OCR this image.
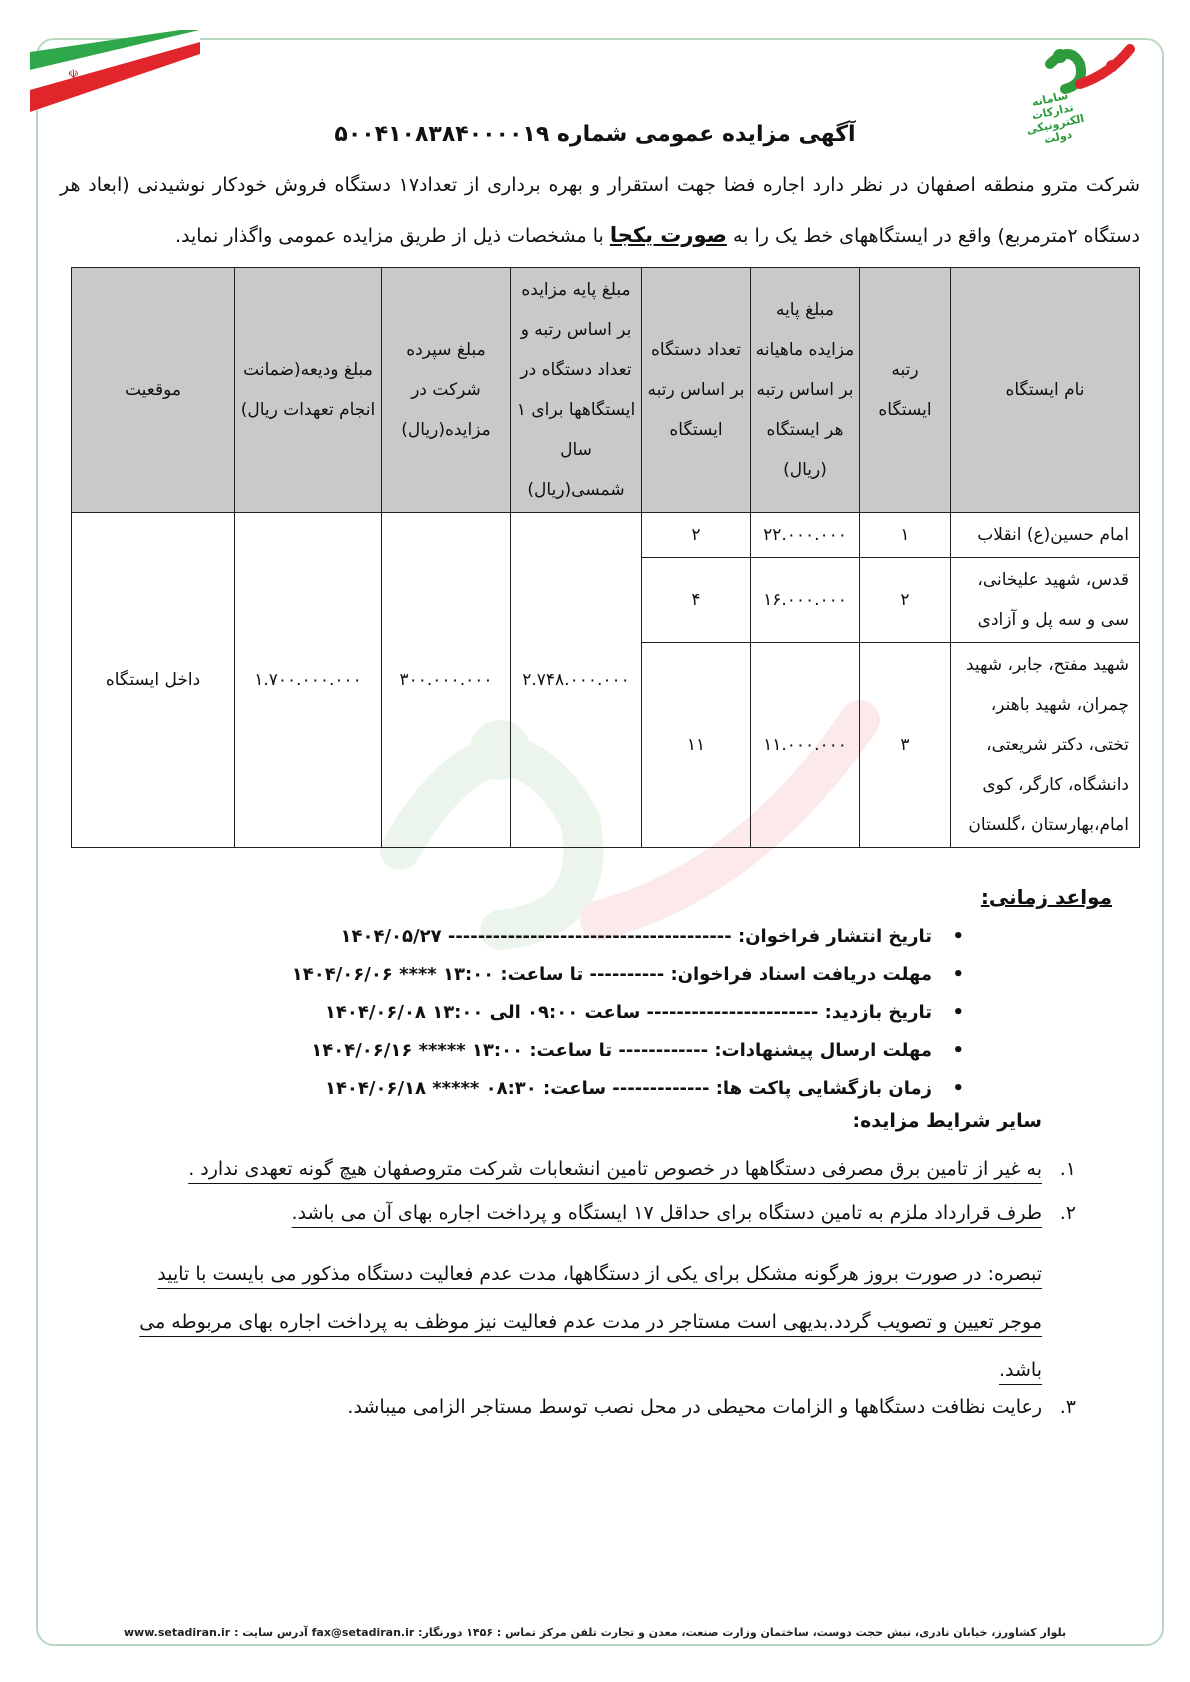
☫
سامانه تدارکات الکترونیکی دولت
آگهی مزایده عمومی شماره ۵۰۰۴۱۰۸۳۸۴۰۰۰۰۱۹
شرکت مترو منطقه اصفهان در نظر دارد اجاره فضا جهت استقرار و بهره برداری از تعداد۱۷ دستگاه فروش خودکار نوشیدنی (ابعاد هر دستگاه ۲مترمربع) واقع در ایستگاههای خط یک را به صورت یکجا با مشخصات ذیل از طریق مزایده عمومی واگذار نماید.
نام ایستگاه	رتبه ایستگاه	مبلغ پایه مزایده ماهیانه بر اساس رتبه هر ایستگاه (ریال)	تعداد دستگاه بر اساس رتبه ایستگاه	مبلغ پایه مزایده بر اساس رتبه و تعداد دستگاه در ایستگاهها برای ۱ سال شمسی(ریال)	مبلغ سپرده شرکت در مزایده(ریال)	مبلغ ودیعه(ضمانت انجام تعهدات ریال)	موقعیت
امام حسین(ع) انقلاب	۱	۲۲.۰۰۰.۰۰۰	۲	۲.۷۴۸.۰۰۰.۰۰۰	۳۰۰.۰۰۰.۰۰۰	۱.۷۰۰.۰۰۰.۰۰۰	داخل ایستگاه
قدس، شهید علیخانی، سی و سه پل و آزادی	۲	۱۶.۰۰۰.۰۰۰	۴				
شهید مفتح، جابر، شهید چمران، شهید باهنر، تختی، دکتر شریعتی، دانشگاه، کارگر، کوی امام،بهارستان ،گلستان	۳	۱۱.۰۰۰.۰۰۰	۱۱				
مواعد زمانی:
• تاریخ انتشار فراخوان: -------------------------------------- ۱۴۰۴/۰۵/۲۷
• مهلت دریافت اسناد فراخوان: ---------- تا ساعت: ۱۳:۰۰ **** ۱۴۰۴/۰۶/۰۶
• تاریخ بازدید: ----------------------- ساعت ۰۹:۰۰ الی ۱۳:۰۰ ۱۴۰۴/۰۶/۰۸
• مهلت ارسال پیشنهادات: ------------ تا ساعت: ۱۳:۰۰ ***** ۱۴۰۴/۰۶/۱۶
• زمان بازگشایی پاکت ها: ------------- ساعت: ۰۸:۳۰ ***** ۱۴۰۴/۰۶/۱۸
سایر شرایط مزایده:
۱.
به غیر از تامین برق مصرفی دستگاهها در خصوص تامین انشعابات شرکت متروصفهان هیچ گونه تعهدی ندارد .
۲.
طرف قرارداد ملزم به تامین دستگاه برای حداقل ۱۷ ایستگاه و پرداخت اجاره بهای آن می باشد.
تبصره: در صورت بروز هرگونه مشکل برای یکی از دستگاهها، مدت عدم فعالیت دستگاه مذکور می بایست با تایید
موجر تعیین و تصویب گردد.بدیهی است مستاجر در مدت عدم فعالیت نیز موظف به پرداخت اجاره بهای مربوطه می
باشد.
۳.
رعایت نظافت دستگاهها و الزامات محیطی در محل نصب توسط مستاجر الزامی میباشد.
بلوار کشاورز، خیابان نادری، نبش حجت دوست، ساختمان وزارت صنعت، معدن و تجارت تلفن مرکز تماس : ۱۴۵۶ دورنگار: fax@setadiran.ir آدرس سایت : www.setadiran.ir
